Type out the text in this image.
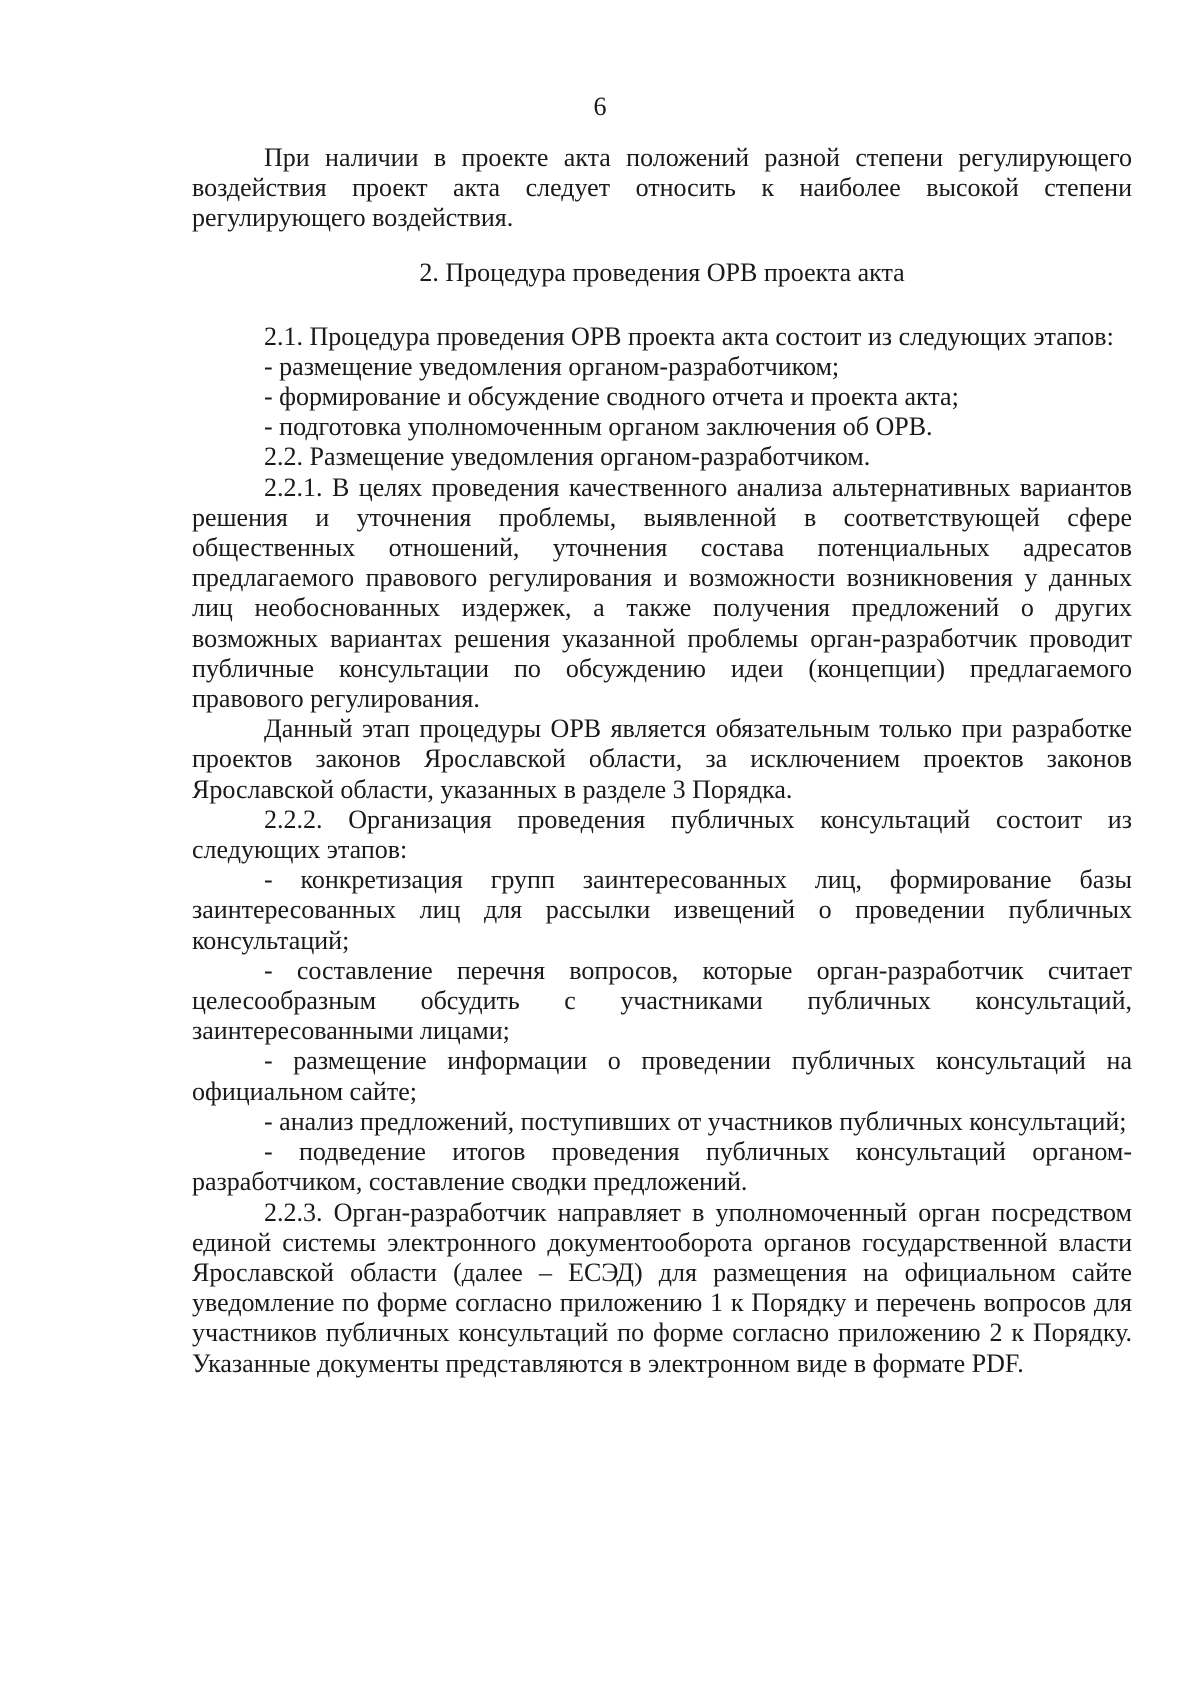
6

При наличии в проекте акта положений разной степени регулирующего воздействия проект акта следует относить к наиболее высокой степени регулирующего воздействия.

2. Процедура проведения ОРВ проекта акта

2.1. Процедура проведения ОРВ проекта акта состоит из следующих этапов:

- размещение уведомления органом-разработчиком;

- формирование и обсуждение сводного отчета и проекта акта;

- подготовка уполномоченным органом заключения об ОРВ.

2.2. Размещение уведомления органом-разработчиком.

2.2.1. В целях проведения качественного анализа альтернативных вариантов решения и уточнения проблемы, выявленной в соответствующей сфере общественных отношений, уточнения состава потенциальных адресатов предлагаемого правового регулирования и возможности возникновения у данных лиц необоснованных издержек, а также получения предложений о других возможных вариантах решения указанной проблемы орган-разработчик проводит публичные консультации по обсуждению идеи (концепции) предлагаемого правового регулирования.

Данный этап процедуры ОРВ является обязательным только при разработке проектов законов Ярославской области, за исключением проектов законов Ярославской области, указанных в разделе 3 Порядка.

2.2.2. Организация проведения публичных консультаций состоит из следующих этапов:

- конкретизация групп заинтересованных лиц, формирование базы заинтересованных лиц для рассылки извещений о проведении публичных консультаций;

- составление перечня вопросов, которые орган-разработчик считает целесообразным обсудить с участниками публичных консультаций, заинтересованными лицами;

- размещение информации о проведении публичных консультаций на официальном сайте;

- анализ предложений, поступивших от участников публичных консультаций;

- подведение итогов проведения публичных консультаций органом-разработчиком, составление сводки предложений.

2.2.3. Орган-разработчик направляет в уполномоченный орган посредством единой системы электронного документооборота органов государственной власти Ярославской области (далее – ЕСЭД) для размещения на официальном сайте уведомление по форме согласно приложению 1 к Порядку и перечень вопросов для участников публичных консультаций по форме согласно приложению 2 к Порядку. Указанные документы представляются в электронном виде в формате PDF.
